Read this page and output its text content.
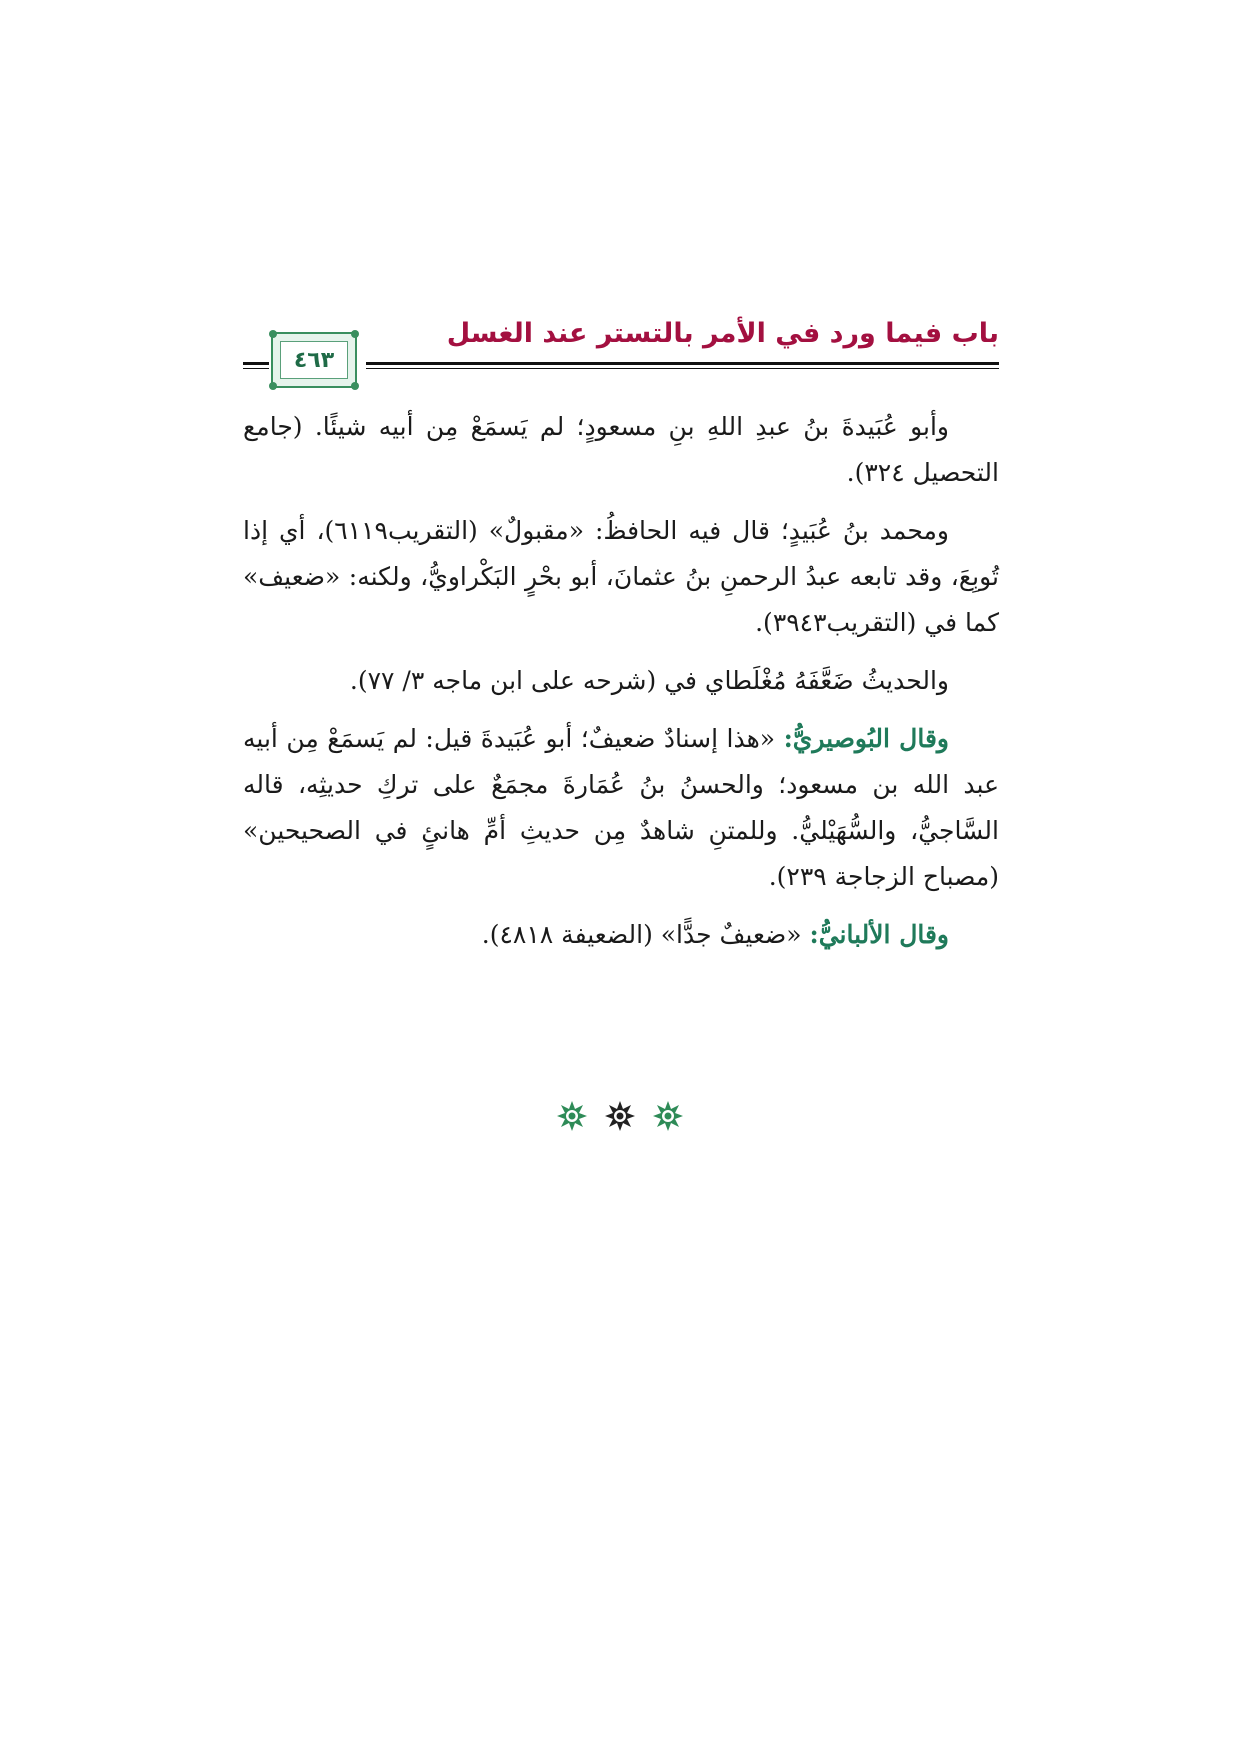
باب فيما ورد في الأمر بالتستر عند الغسل
٤٦٣

وأبو عُبَيدةَ بنُ عبدِ اللهِ بنِ مسعودٍ؛ لم يَسمَعْ مِن أبيه شيئًا. (جامع التحصيل ٣٢٤).

ومحمد بنُ عُبَيدٍ؛ قال فيه الحافظُ: «مقبولٌ» (التقريب٦١١٩)، أي إذا تُوبِعَ، وقد تابعه عبدُ الرحمنِ بنُ عثمانَ، أبو بحْرٍ البَكْراويُّ، ولكنه: «ضعيف» كما في (التقريب٣٩٤٣).

والحديثُ ضَعَّفَهُ مُغْلَطاي في (شرحه على ابن ماجه ٣/ ٧٧).

وقال البُوصيريُّ: «هذا إسنادٌ ضعيفٌ؛ أبو عُبَيدةَ قيل: لم يَسمَعْ مِن أبيه عبد الله بن مسعود؛ والحسنُ بنُ عُمَارةَ مجمَعٌ على تركِ حديثِه، قاله السَّاجيُّ، والسُّهَيْليُّ. وللمتنِ شاهدٌ مِن حديثِ أمِّ هانئٍ في الصحيحين» (مصباح الزجاجة ٢٣٩).

وقال الألبانيُّ: «ضعيفٌ جدًّا» (الضعيفة ٤٨١٨).
